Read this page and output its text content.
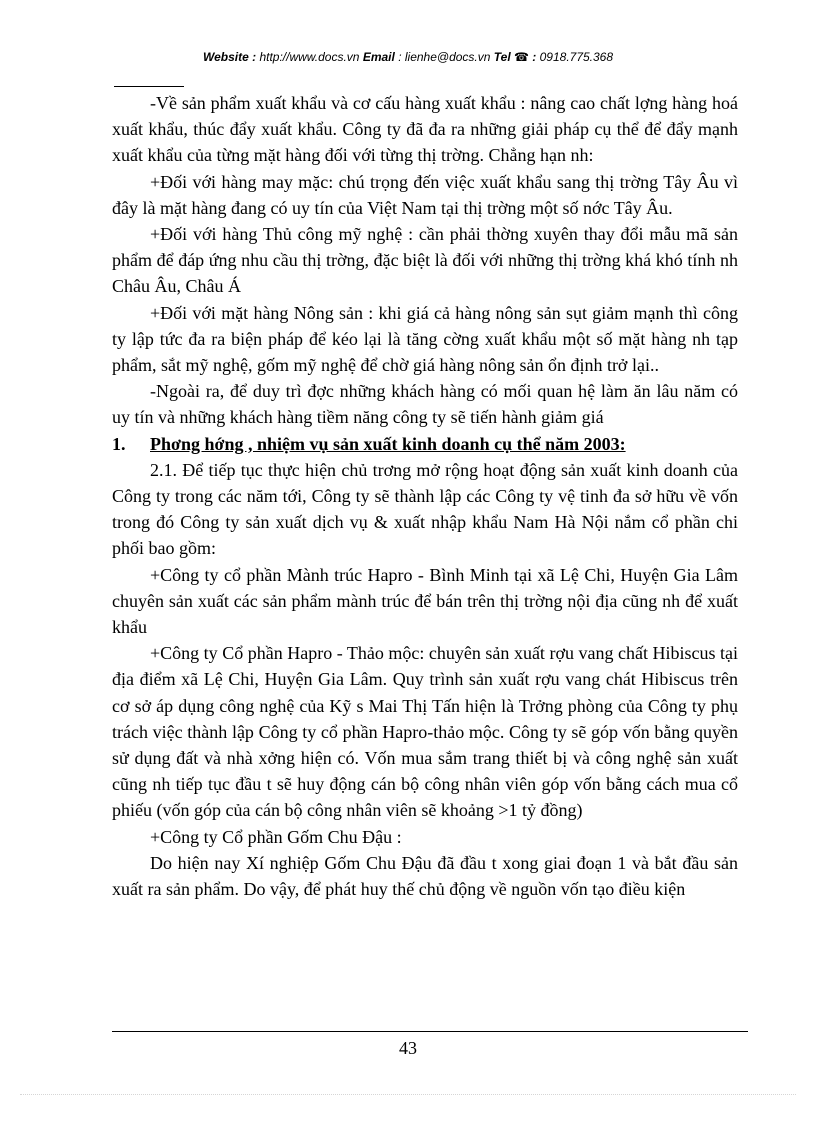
Website : http://www.docs.vn Email : lienhe@docs.vn Tel ☎ : 0918.775.368

-Về sản phẩm xuất khẩu và cơ cấu hàng xuất khẩu : nâng cao chất lợng hàng hoá xuất khẩu, thúc đẩy xuất khẩu. Công ty đã đa ra những giải pháp cụ thể để đẩy mạnh xuất khẩu của từng mặt hàng đối với từng thị trờng. Chẳng hạn nh:

+Đối với hàng may mặc: chú trọng đến việc xuất khẩu sang thị trờng Tây Âu vì đây là mặt hàng đang có uy tín của Việt Nam tại thị trờng một số nớc Tây Âu.

+Đối với hàng Thủ công mỹ nghệ : cần phải thờng xuyên thay đổi mẫu mã sản phẩm để đáp ứng nhu cầu thị trờng, đặc biệt là đối với những thị trờng khá khó tính nh Châu Âu, Châu Á

+Đối với mặt hàng Nông sản : khi giá cả hàng nông sản sụt giảm mạnh thì công ty lập tức đa ra biện pháp để kéo lại là tăng cờng xuất khẩu một số mặt hàng nh tạp phẩm, sắt mỹ nghệ, gốm mỹ nghệ để chờ giá hàng nông sản ổn định trở lại..

-Ngoài ra, để duy trì đợc những khách hàng có mối quan hệ làm ăn lâu năm có uy tín và những khách hàng tiềm năng công ty sẽ tiến hành giảm giá

1.	Phơng hớng , nhiệm vụ sản xuất kinh doanh cụ thể năm 2003:

2.1. Để tiếp tục thực hiện chủ trơng mở rộng hoạt động sản xuất kinh doanh của Công ty trong các năm tới, Công ty sẽ thành lập các Công ty vệ tinh đa sở hữu về vốn trong đó Công ty sản xuất dịch vụ & xuất nhập khẩu Nam Hà Nội nắm cổ phần chi phối bao gồm:

+Công ty cổ phần Mành trúc Hapro - Bình Minh tại xã Lệ Chi, Huyện Gia Lâm chuyên sản xuất các sản phẩm mành trúc để bán trên thị trờng nội địa cũng nh để xuất khẩu

+Công ty Cổ phần Hapro - Thảo mộc: chuyên sản xuất rợu vang chất Hibiscus tại địa điểm xã Lệ Chi, Huyện Gia Lâm. Quy trình sản xuất rợu vang chát Hibiscus trên cơ sở áp dụng công nghệ của Kỹ s Mai Thị Tấn hiện là Trởng phòng của Công ty phụ trách việc thành lập Công ty cổ phần Hapro-thảo mộc. Công ty sẽ góp vốn bằng quyền sử dụng đất và nhà xởng hiện có. Vốn mua sắm trang thiết bị và công nghệ sản xuất cũng nh tiếp tục đầu t sẽ huy động cán bộ công nhân viên góp vốn bằng cách mua cổ phiếu (vốn góp của cán bộ công nhân viên sẽ khoảng >1 tỷ đồng)

+Công ty Cổ phần Gốm Chu Đậu :

Do hiện nay Xí nghiệp Gốm Chu Đậu đã đầu t xong giai đoạn 1 và bắt đầu sản xuất ra sản phẩm. Do vậy, để phát huy thế chủ động về nguồn vốn tạo điều kiện

43
